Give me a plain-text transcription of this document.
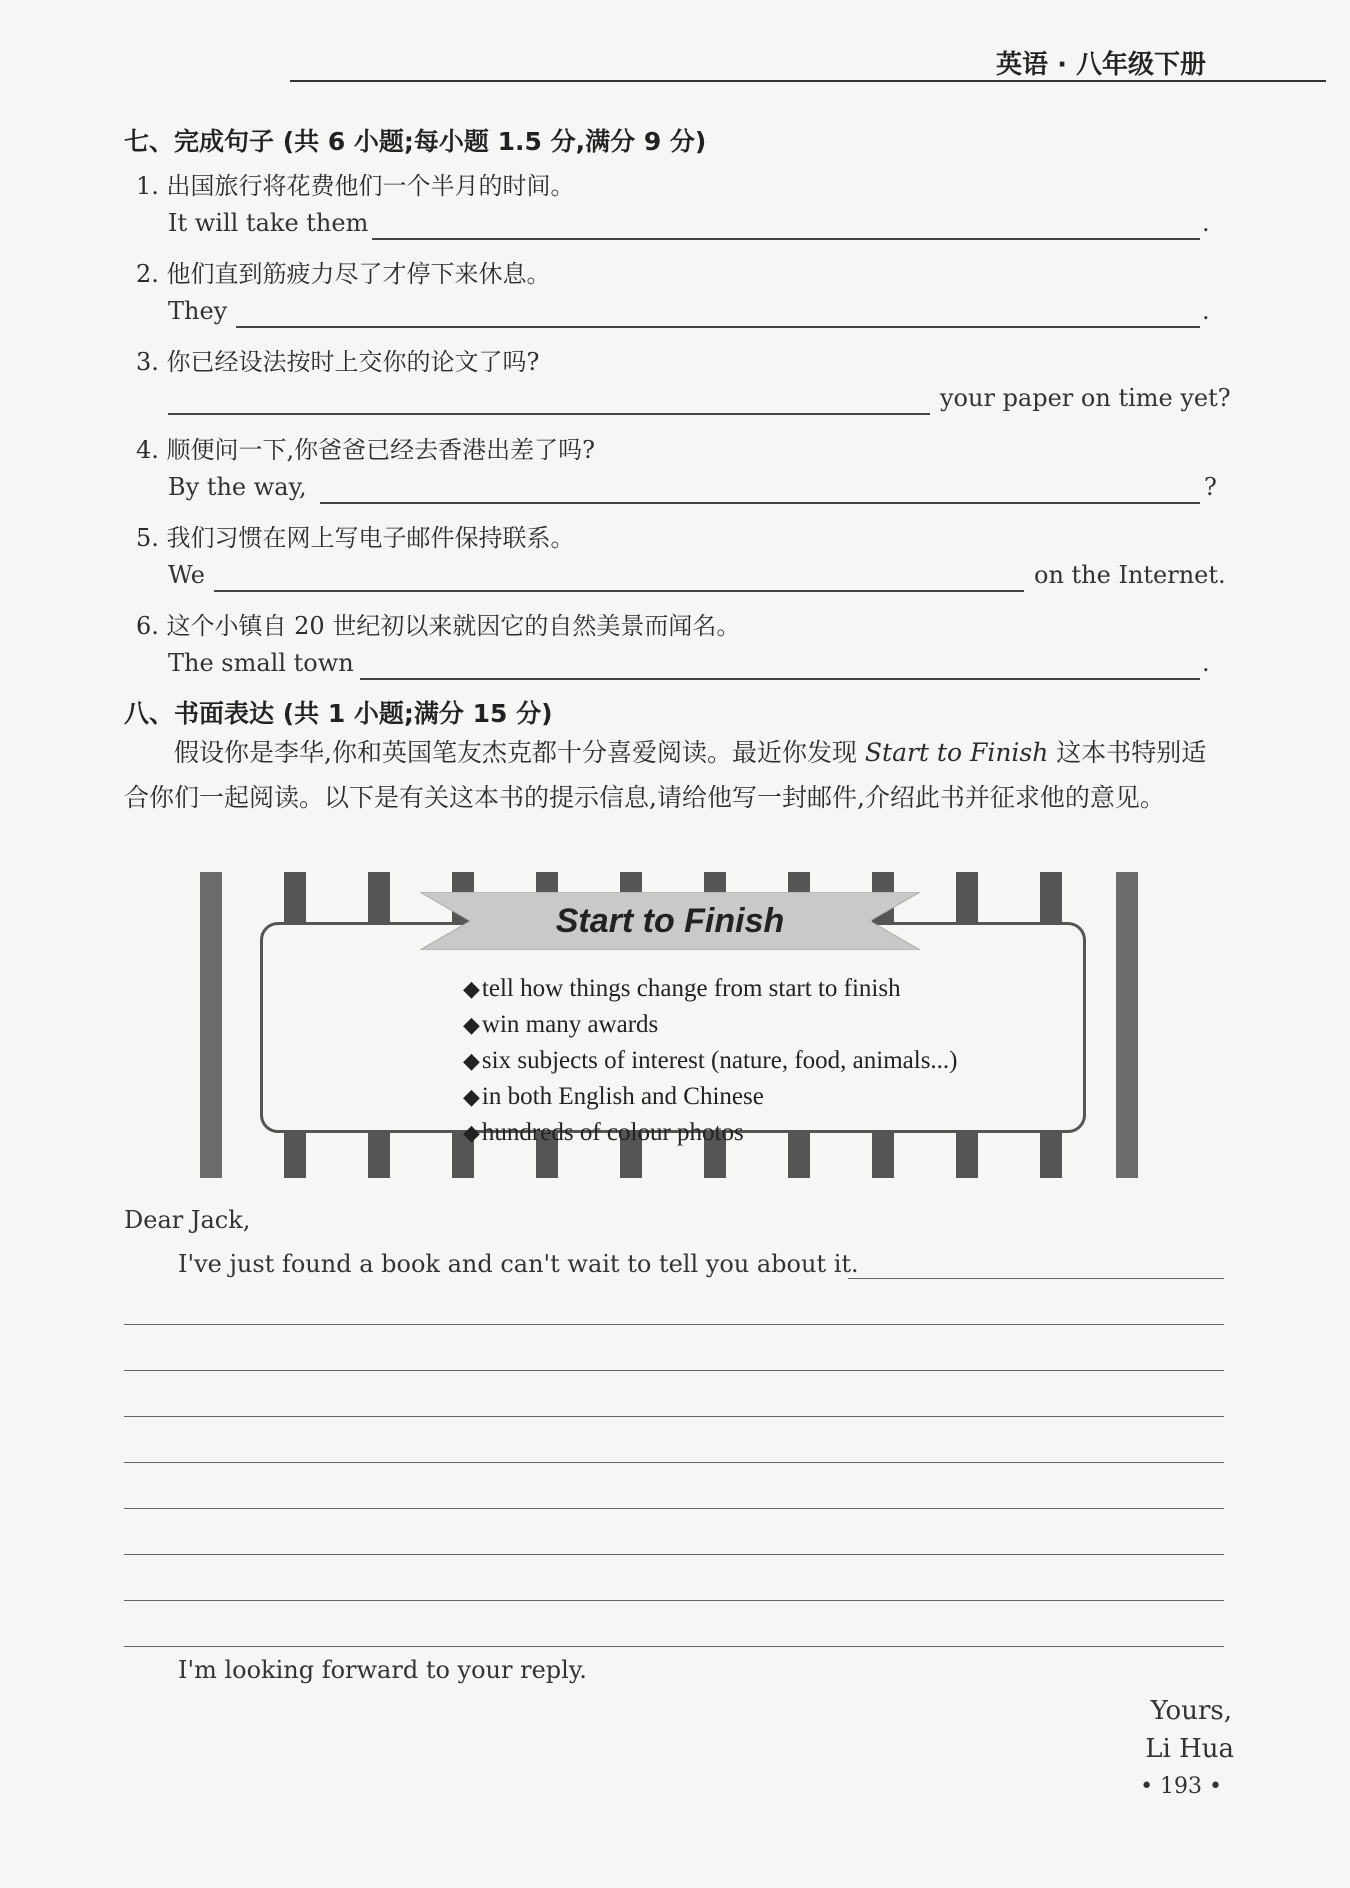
英语 · 八年级下册
七、完成句子 (共 6 小题;每小题 1.5 分,满分 9 分)
1. 出国旅行将花费他们一个半月的时间。
It will take them	.
2. 他们直到筋疲力尽了才停下来休息。
They	.
3. 你已经设法按时上交你的论文了吗?
your paper on time yet?
4. 顺便问一下,你爸爸已经去香港出差了吗?
By the way,	?
5. 我们习惯在网上写电子邮件保持联系。
We	on the Internet.
6. 这个小镇自 20 世纪初以来就因它的自然美景而闻名。
The small town	.
八、书面表达 (共 1 小题;满分 15 分)
假设你是李华,你和英国笔友杰克都十分喜爱阅读。最近你发现 Start to Finish 这本书特别适合你们一起阅读。以下是有关这本书的提示信息,请给他写一封邮件,介绍此书并征求他的意见。
◆tell how things change from start to finish
◆win many awards
◆six subjects of interest (nature, food, animals...)
◆in both English and Chinese
◆hundreds of colour photos
Start to Finish
Dear Jack,
I've just found a book and can't wait to tell you about it.
I'm looking forward to your reply.
Yours,
Li Hua
• 193 •
